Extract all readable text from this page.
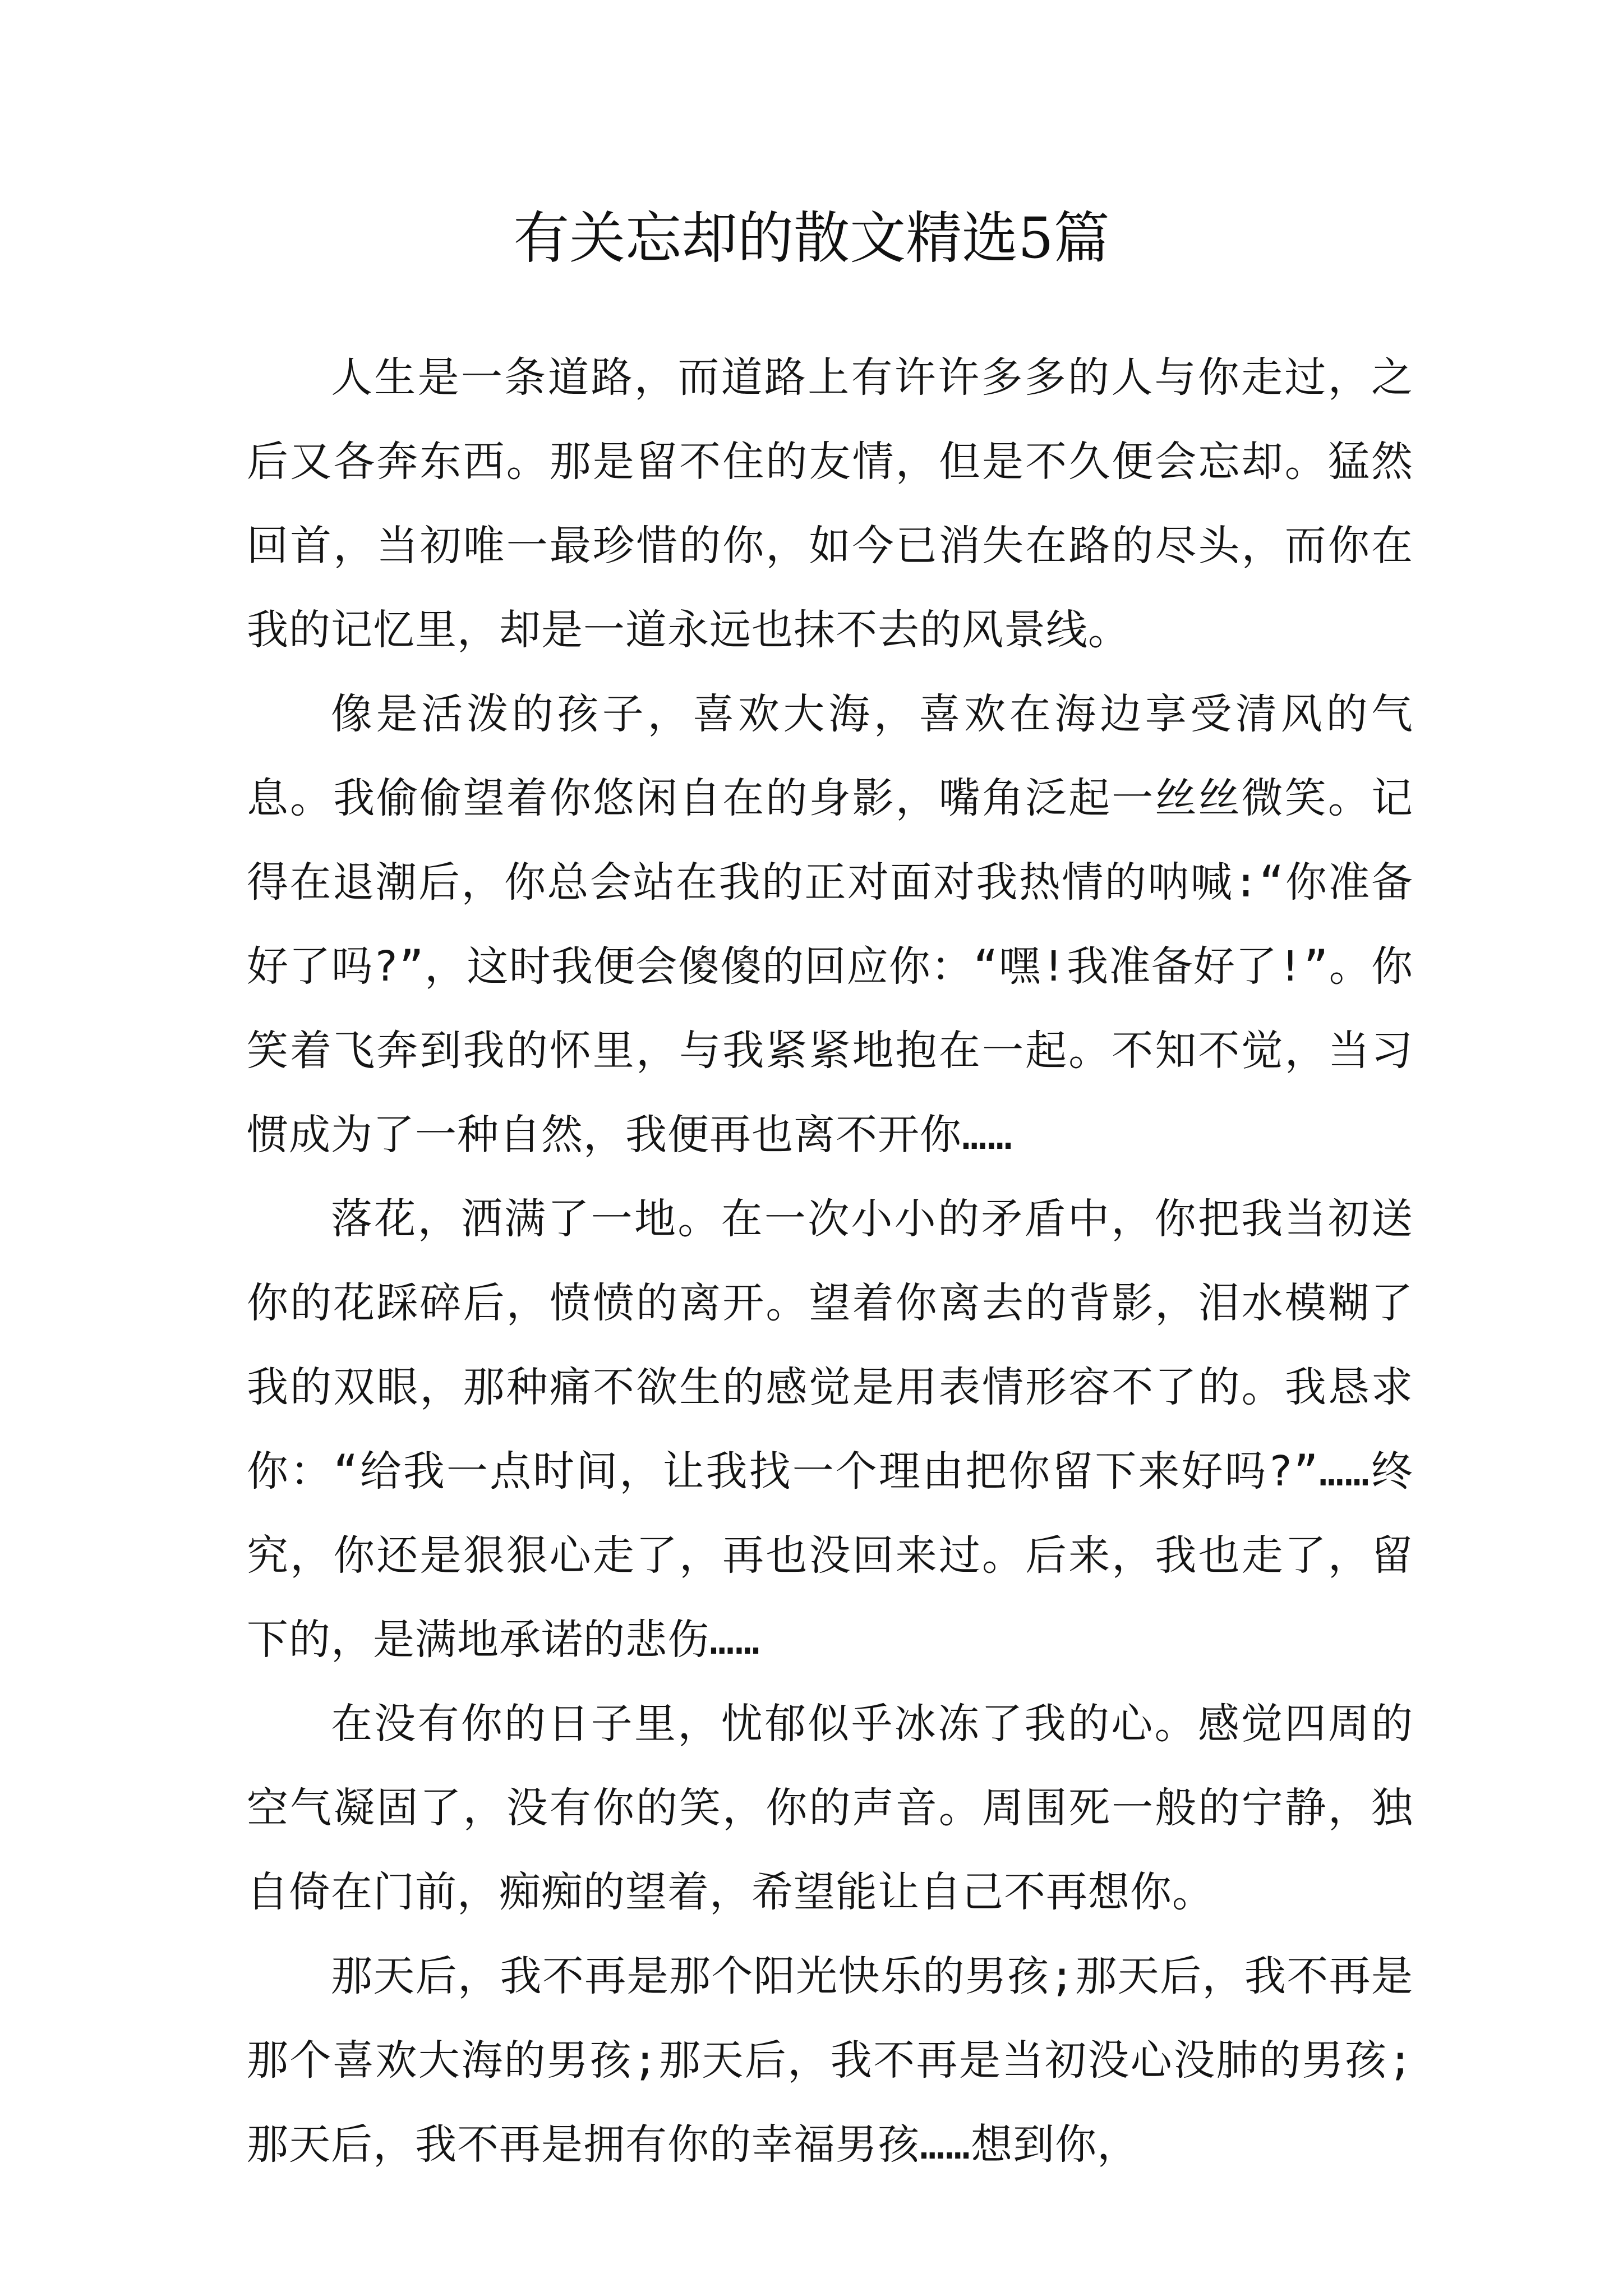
有关忘却的散文精选5篇

人生是一条道路，而道路上有许许多多的人与你走过，之后又各奔东西。那是留不住的友情，但是不久便会忘却。猛然回首，当初唯一最珍惜的你，如今已消失在路的尽头，而你在我的记忆里，却是一道永远也抹不去的风景线。

像是活泼的孩子，喜欢大海，喜欢在海边享受清风的气息。我偷偷望着你悠闲自在的身影，嘴角泛起一丝丝微笑。记得在退潮后，你总会站在我的正对面对我热情的呐喊:“你准备好了吗?”，这时我便会傻傻的回应你：“嘿!我准备好了!”。你笑着飞奔到我的怀里，与我紧紧地抱在一起。不知不觉，当习惯成为了一种自然，我便再也离不开你……

落花，洒满了一地。在一次小小的矛盾中，你把我当初送你的花踩碎后，愤愤的离开。望着你离去的背影，泪水模糊了我的双眼，那种痛不欲生的感觉是用表情形容不了的。我恳求你：“给我一点时间，让我找一个理由把你留下来好吗?”……终究，你还是狠狠心走了，再也没回来过。后来，我也走了，留下的，是满地承诺的悲伤……

在没有你的日子里，忧郁似乎冰冻了我的心。感觉四周的空气凝固了，没有你的笑，你的声音。周围死一般的宁静，独自倚在门前，痴痴的望着，希望能让自己不再想你。

那天后，我不再是那个阳光快乐的男孩;那天后，我不再是那个喜欢大海的男孩;那天后，我不再是当初没心没肺的男孩;那天后，我不再是拥有你的幸福男孩……想到你，
